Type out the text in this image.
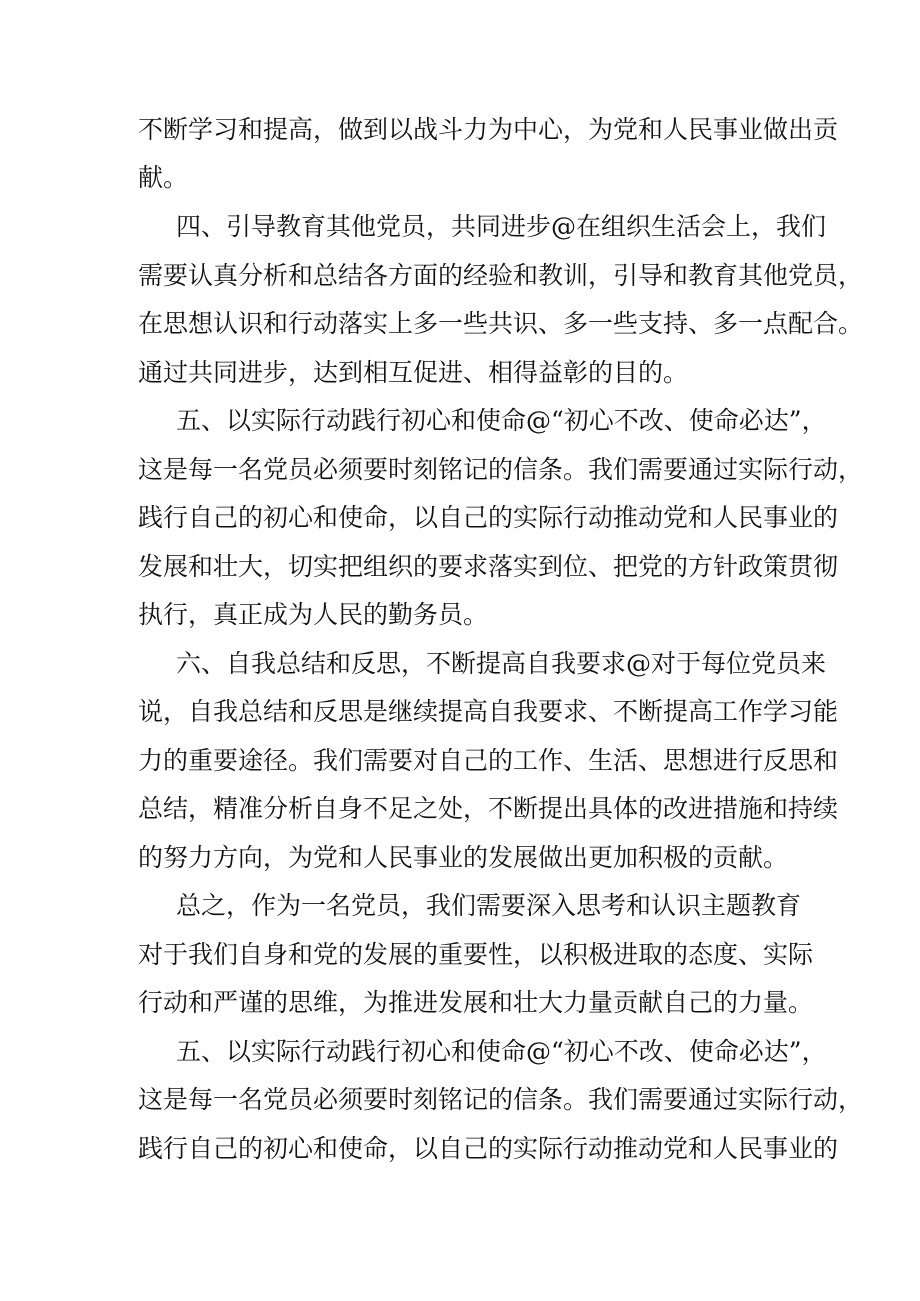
不断学习和提高，做到以战斗力为中心，为党和人民事业做出贡
献。
四、引导教育其他党员，共同进步@在组织生活会上，我们
需要认真分析和总结各方面的经验和教训，引导和教育其他党员，
在思想认识和行动落实上多一些共识、多一些支持、多一点配合。
通过共同进步，达到相互促进、相得益彰的目的。
五、以实际行动践行初心和使命@“初心不改、使命必达”，
这是每一名党员必须要时刻铭记的信条。我们需要通过实际行动，
践行自己的初心和使命，以自己的实际行动推动党和人民事业的
发展和壮大，切实把组织的要求落实到位、把党的方针政策贯彻
执行，真正成为人民的勤务员。
六、自我总结和反思，不断提高自我要求@对于每位党员来
说，自我总结和反思是继续提高自我要求、不断提高工作学习能
力的重要途径。我们需要对自己的工作、生活、思想进行反思和
总结，精准分析自身不足之处，不断提出具体的改进措施和持续
的努力方向，为党和人民事业的发展做出更加积极的贡献。
总之，作为一名党员，我们需要深入思考和认识主题教育
对于我们自身和党的发展的重要性，以积极进取的态度、实际
行动和严谨的思维，为推进发展和壮大力量贡献自己的力量。
五、以实际行动践行初心和使命@“初心不改、使命必达”，
这是每一名党员必须要时刻铭记的信条。我们需要通过实际行动，
践行自己的初心和使命，以自己的实际行动推动党和人民事业的
